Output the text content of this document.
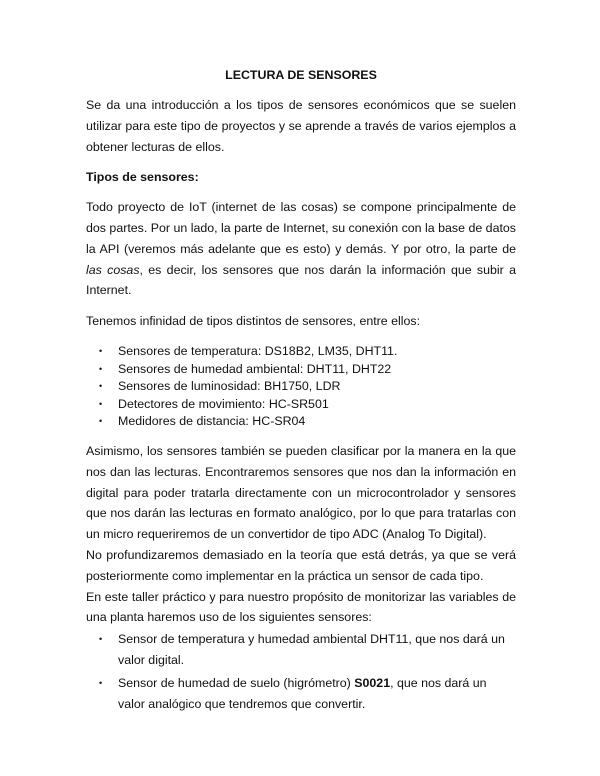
LECTURA DE SENSORES

Se da una introducción a los tipos de sensores económicos que se suelen utilizar para este tipo de proyectos y se aprende a través de varios ejemplos a obtener lecturas de ellos.

Tipos de sensores:

Todo proyecto de IoT (internet de las cosas) se compone principalmente de dos partes. Por un lado, la parte de Internet, su conexión con la base de datos la API (veremos más adelante que es esto) y demás. Y por otro, la parte de las cosas, es decir, los sensores que nos darán la información que subir a Internet.

Tenemos infinidad de tipos distintos de sensores, entre ellos:

• Sensores de temperatura: DS18B2, LM35, DHT11.
• Sensores de humedad ambiental: DHT11, DHT22
• Sensores de luminosidad: BH1750, LDR
• Detectores de movimiento: HC-SR501
• Medidores de distancia: HC-SR04

Asimismo, los sensores también se pueden clasificar por la manera en la que nos dan las lecturas. Encontraremos sensores que nos dan la información en digital para poder tratarla directamente con un microcontrolador y sensores que nos darán las lecturas en formato analógico, por lo que para tratarlas con un micro requeriremos de un convertidor de tipo ADC (Analog To Digital).

No profundizaremos demasiado en la teoría que está detrás, ya que se verá posteriormente como implementar en la práctica un sensor de cada tipo.

En este taller práctico y para nuestro propósito de monitorizar las variables de una planta haremos uso de los siguientes sensores:

• Sensor de temperatura y humedad ambiental DHT11, que nos dará un valor digital.
• Sensor de humedad de suelo (higrómetro) S0021, que nos dará un valor analógico que tendremos que convertir.
